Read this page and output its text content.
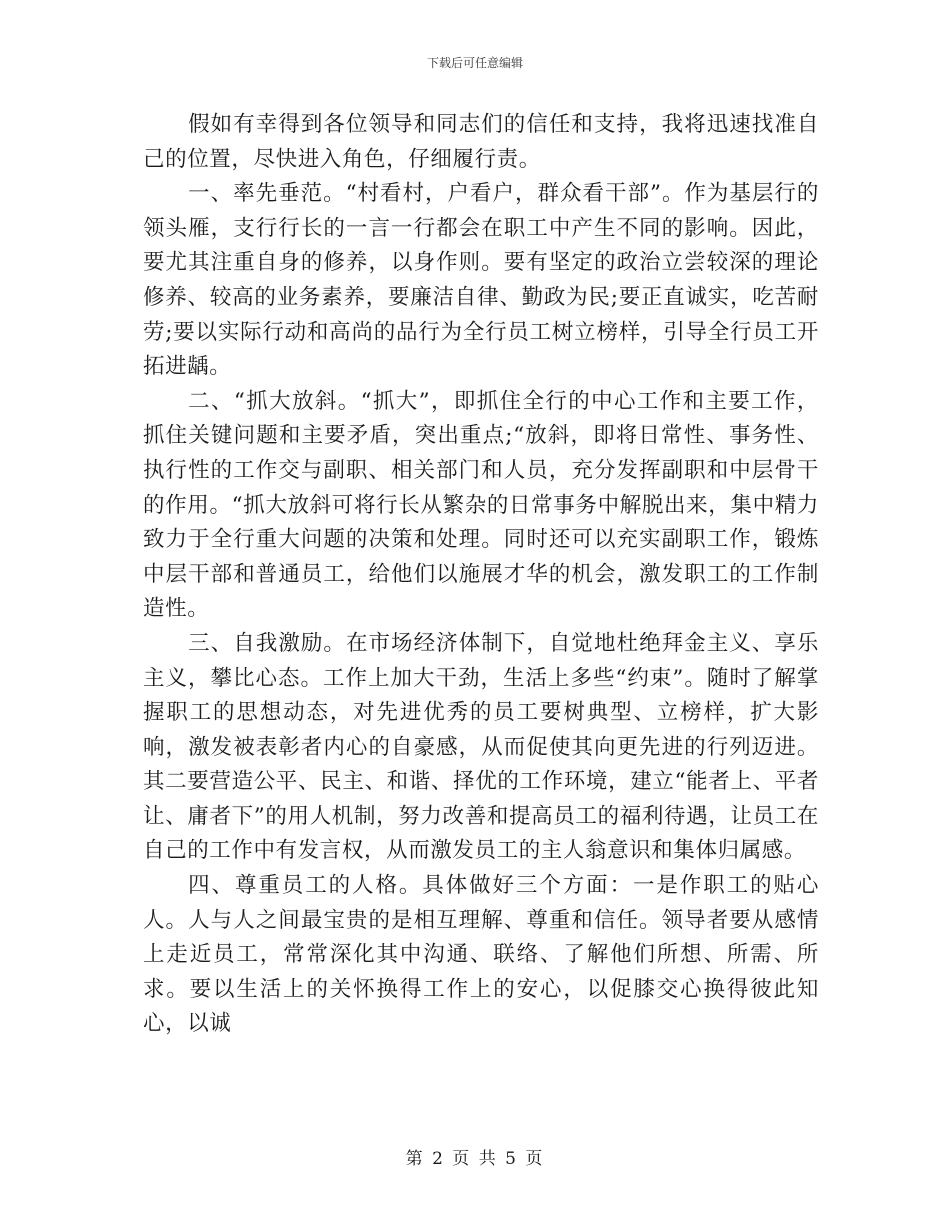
下载后可任意编辑

假如有幸得到各位领导和同志们的信任和支持，我将迅速找准自己的位置，尽快进入角色，仔细履行责。

一、率先垂范。“村看村，户看户，群众看干部”。作为基层行的领头雁，支行行长的一言一行都会在职工中产生不同的影响。因此，要尤其注重自身的修养，以身作则。要有坚定的政治立尝较深的理论修养、较高的业务素养，要廉洁自律、勤政为民;要正直诚实，吃苦耐劳;要以实际行动和高尚的品行为全行员工树立榜样，引导全行员工开拓进龋。

二、“抓大放斜。“抓大”，即抓住全行的中心工作和主要工作，抓住关键问题和主要矛盾，突出重点;“放斜，即将日常性、事务性、执行性的工作交与副职、相关部门和人员，充分发挥副职和中层骨干的作用。“抓大放斜可将行长从繁杂的日常事务中解脱出来，集中精力致力于全行重大问题的决策和处理。同时还可以充实副职工作，锻炼中层干部和普通员工，给他们以施展才华的机会，激发职工的工作制造性。

三、自我激励。在市场经济体制下，自觉地杜绝拜金主义、享乐主义，攀比心态。工作上加大干劲，生活上多些“约束”。随时了解掌握职工的思想动态，对先进优秀的员工要树典型、立榜样，扩大影响，激发被表彰者内心的自豪感，从而促使其向更先进的行列迈进。其二要营造公平、民主、和谐、择优的工作环境，建立“能者上、平者让、庸者下”的用人机制，努力改善和提高员工的福利待遇，让员工在自己的工作中有发言权，从而激发员工的主人翁意识和集体归属感。

四、尊重员工的人格。具体做好三个方面：一是作职工的贴心人。人与人之间最宝贵的是相互理解、尊重和信任。领导者要从感情上走近员工，常常深化其中沟通、联络、了解他们所想、所需、所求。要以生活上的关怀换得工作上的安心，以促膝交心换得彼此知心，以诚

第 2 页 共 5 页
